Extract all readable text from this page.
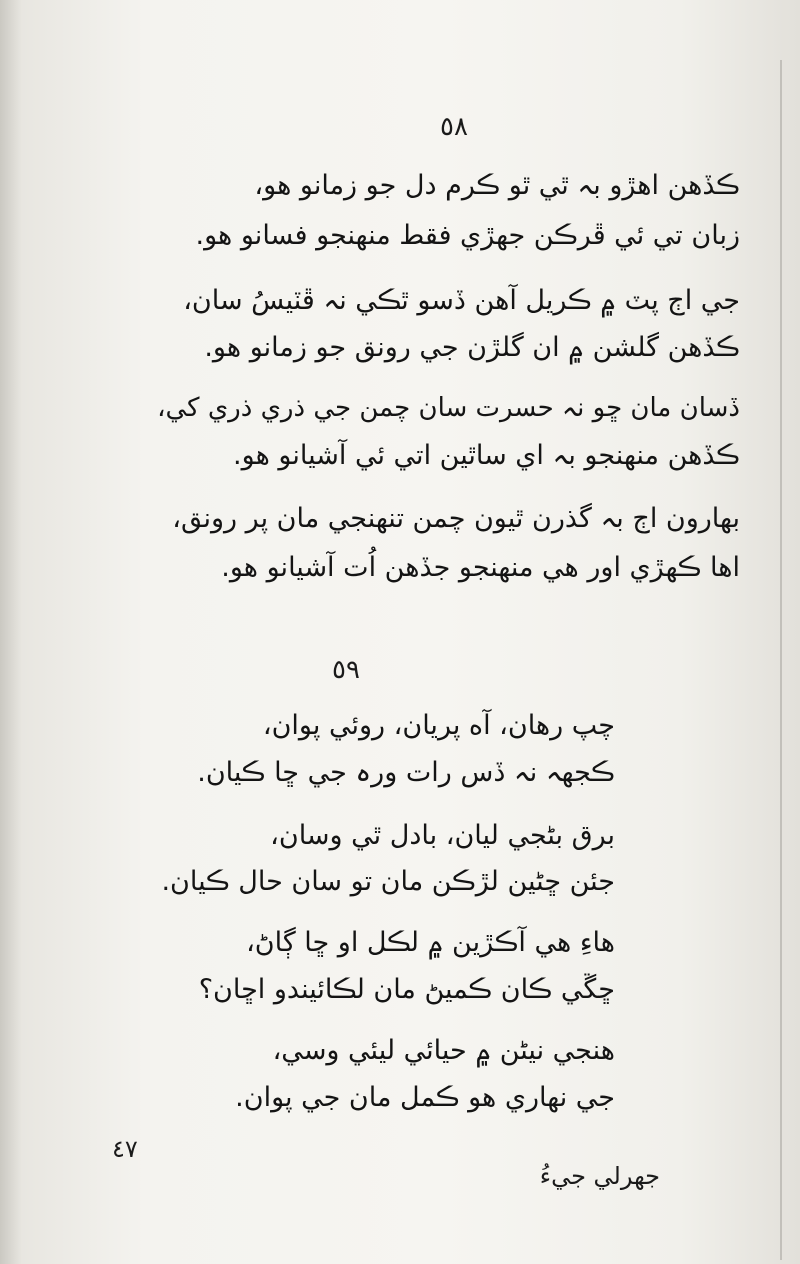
٥٨
ڪڏهن اهڙو بہ ٿي ٿو ڪرم دل جو زمانو هو،
زبان تي ئي ڦرڪن جهڙي فقط منهنجو فسانو هو.
جي اڄ پٽ ۾ ڪريل آهن ڏسو ٿڪي نہ ڦٽيسُ سان،
ڪڏهن گلشن ۾ ان گلڙن جي رونق جو زمانو هو.
ڏسان مان ڇو نہ حسرت سان چمن جي ذري ذري کي،
ڪڏهن منهنجو بہ اي ساٿين اتي ئي آشيانو هو.
بهارون اڄ بہ گذرن ٿيون چمن تنهنجي مان پر رونق،
اها ڪهڙي اور هي منهنجو جڏهن اُت آشيانو هو.
٥٩
چپ رهان، آه پريان، روئي پوان،
ڪجهہ نہ ڏس رات ورہ جي ڇا ڪيان.
برق بڻجي ليان، بادل ٿي وسان،
جئن ڇڻين لڙڪن مان تو سان حال ڪيان.
هاءِ هي آڪڙين ۾ لڪل او ڇا ڳاڻ،
ڇڱي ڪان ڪميڻ مان لڪائيندو اڇان؟
هنجي نيڻن ۾ حيائي ليئي وسي،
جي نهاري هو ڪمل مان جي پوان.
٤٧
جهرلي جيءُ
